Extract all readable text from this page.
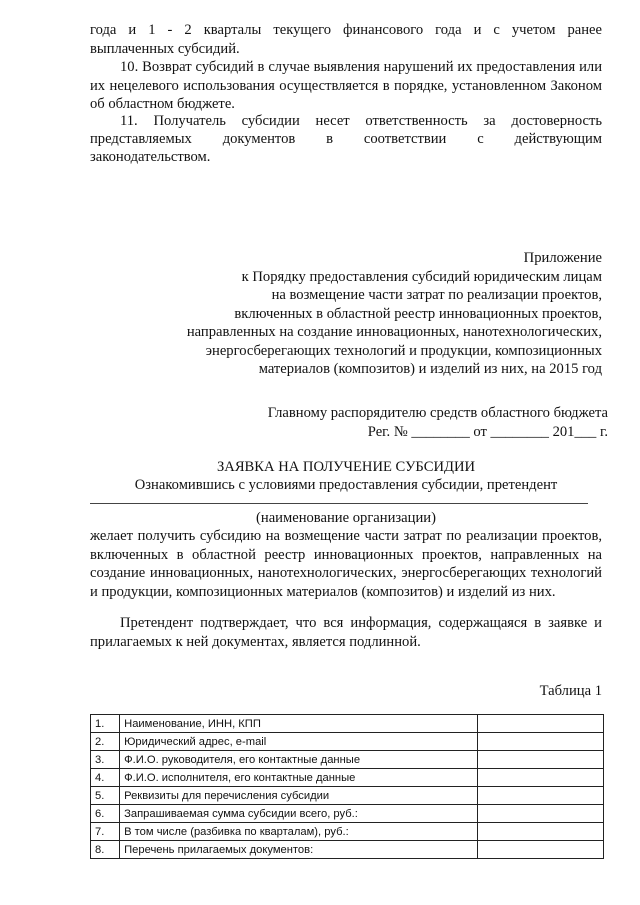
года и 1 - 2 кварталы текущего финансового года и с учетом ранее

выплаченных субсидий.

10. Возврат субсидий в случае выявления нарушений их предоставления или их нецелевого использования осуществляется в порядке, установленном Законом об областном бюджете.

11. Получатель субсидии несет ответственность за достоверность

представляемых документов в соответствии с действующим

законодательством.

Приложение
к Порядку предоставления субсидий юридическим лицам
на возмещение части затрат по реализации проектов,
включенных в областной реестр инновационных проектов,
направленных на создание инновационных, нанотехнологических,
энергосберегающих технологий и продукции, композиционных
материалов (композитов) и изделий из них, на 2015 год
Главному распорядителю средств областного бюджета
Рег. № ________ от ________ 201___ г.

ЗАЯВКА НА ПОЛУЧЕНИЕ СУБСИДИИ

Ознакомившись с условиями предоставления субсидии, претендент

(наименование организации)

желает получить субсидию на возмещение части затрат по реализации проектов, включенных в областной реестр инновационных проектов, направленных на создание инновационных, нанотехнологических, энергосберегающих технологий и продукции, композиционных материалов (композитов) и изделий из них.

Претендент подтверждает, что вся информация, содержащаяся в заявке и прилагаемых к ней документах, является подлинной.

Таблица 1

1.	Наименование, ИНН, КПП	
2.	Юридический адрес, e-mail	
3.	Ф.И.О. руководителя, его контактные данные	
4.	Ф.И.О. исполнителя, его контактные данные	
5.	Реквизиты для перечисления субсидии	
6.	Запрашиваемая сумма субсидии всего, руб.:	
7.	В том числе (разбивка по кварталам), руб.:	
8.	Перечень прилагаемых документов:	
